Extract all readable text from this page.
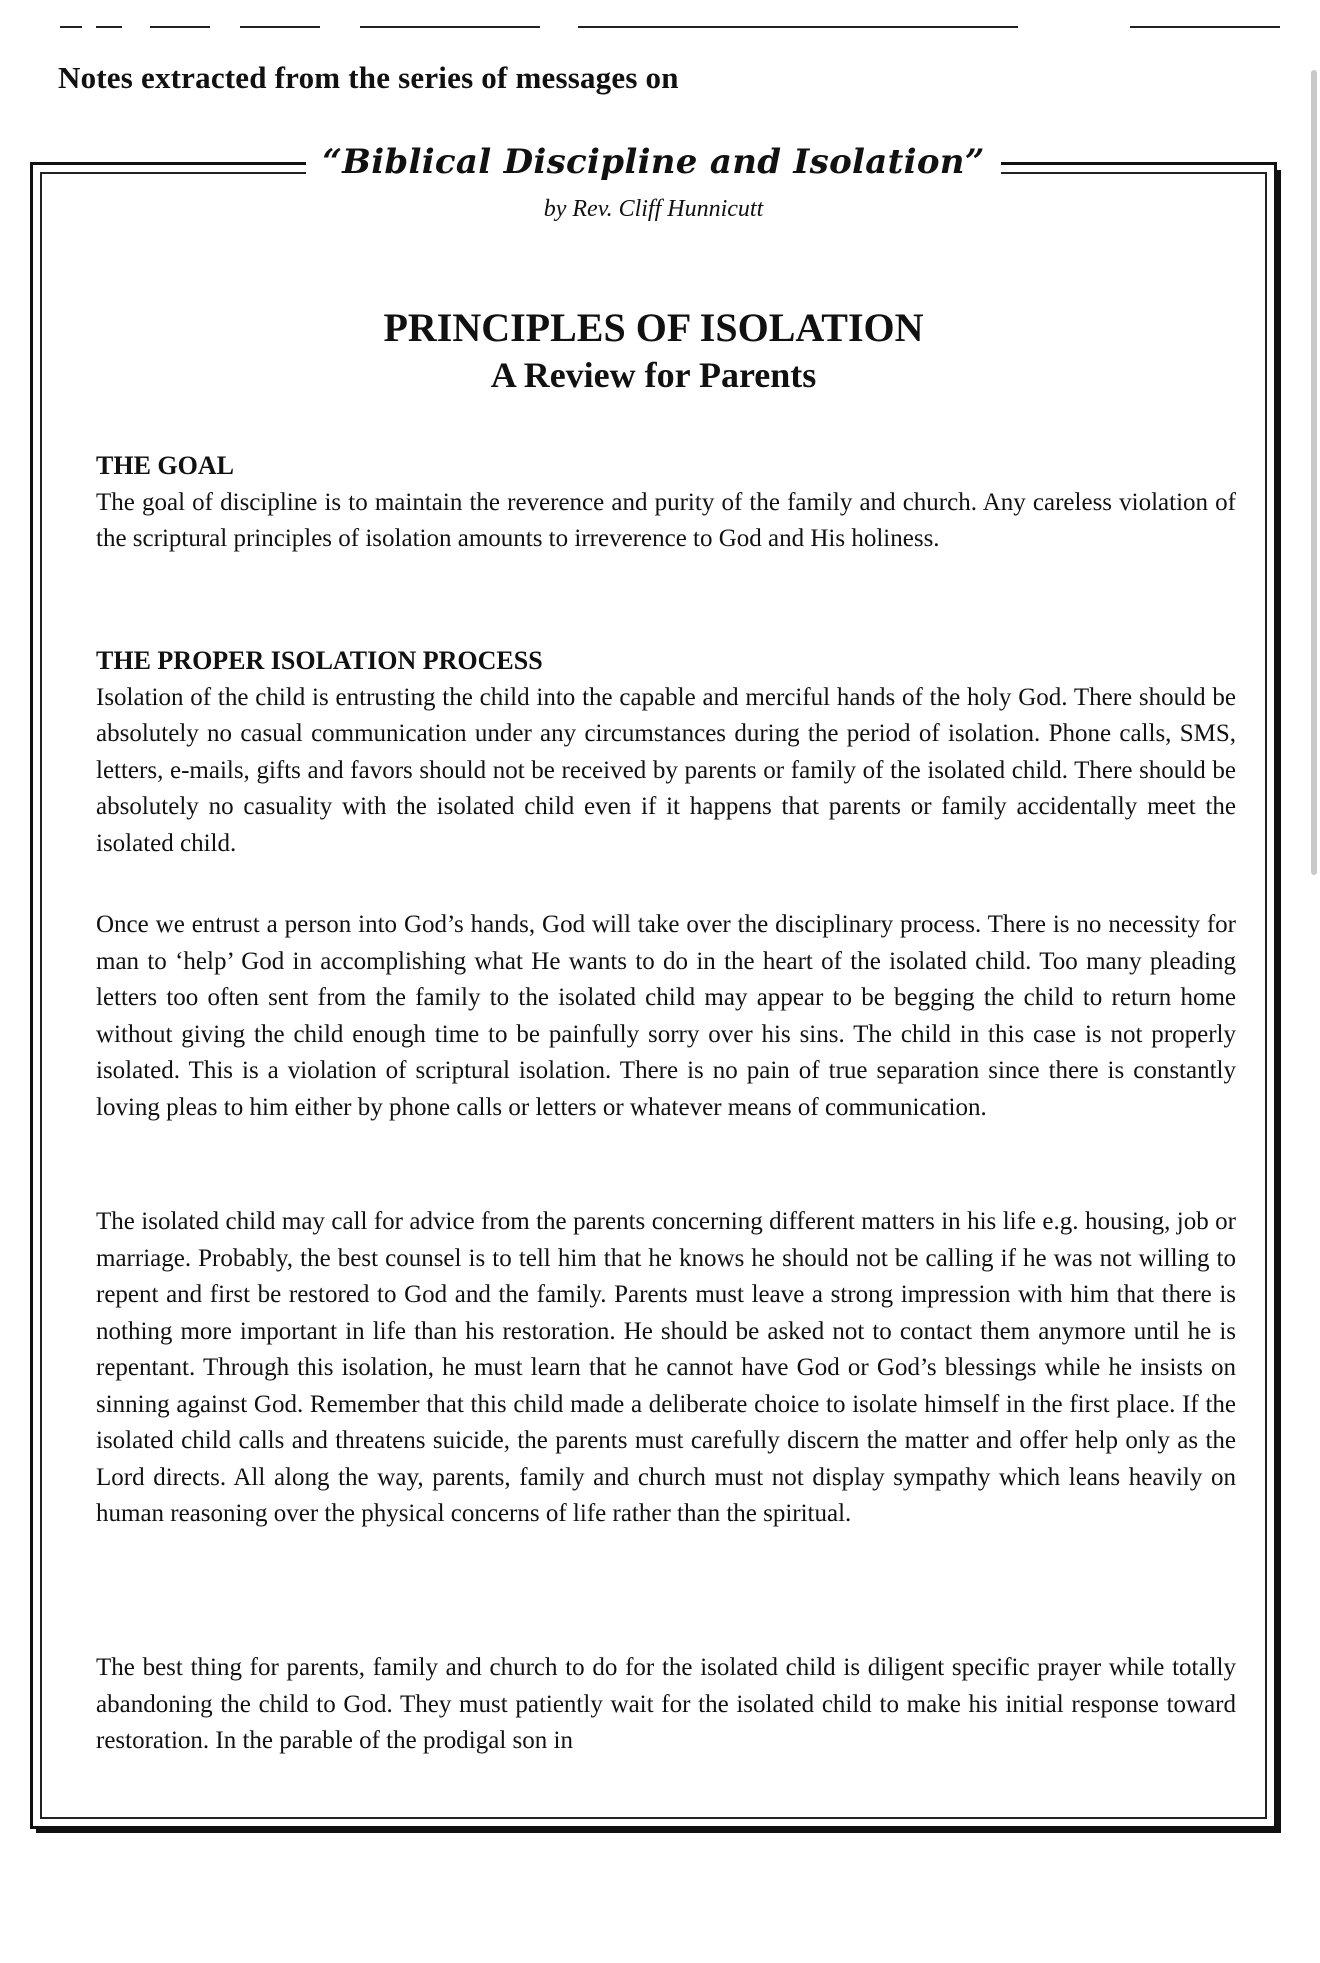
Notes extracted from the series of messages on
“Biblical Discipline and Isolation”
by Rev. Cliff Hunnicutt
PRINCIPLES OF ISOLATION
A Review for Parents
THE GOAL
The goal of discipline is to maintain the reverence and purity of the family and church. Any careless violation of the scriptural principles of isolation amounts to irreverence to God and His holiness.
THE PROPER ISOLATION PROCESS
Isolation of the child is entrusting the child into the capable and merciful hands of the holy God. There should be absolutely no casual communication under any circumstances during the period of isolation. Phone calls, SMS, letters, e-mails, gifts and favors should not be received by parents or family of the isolated child. There should be absolutely no casuality with the isolated child even if it happens that parents or family accidentally meet the isolated child.
Once we entrust a person into God’s hands, God will take over the disciplinary process. There is no necessity for man to ‘help’ God in accomplishing what He wants to do in the heart of the isolated child. Too many pleading letters too often sent from the family to the isolated child may appear to be begging the child to return home without giving the child enough time to be painfully sorry over his sins. The child in this case is not properly isolated. This is a violation of scriptural isolation. There is no pain of true separation since there is constantly loving pleas to him either by phone calls or letters or whatever means of communication.
The isolated child may call for advice from the parents concerning different matters in his life e.g. housing, job or marriage. Probably, the best counsel is to tell him that he knows he should not be calling if he was not willing to repent and first be restored to God and the family. Parents must leave a strong impression with him that there is nothing more important in life than his restoration. He should be asked not to contact them anymore until he is repentant. Through this isolation, he must learn that he cannot have God or God’s blessings while he insists on sinning against God. Remember that this child made a deliberate choice to isolate himself in the first place. If the isolated child calls and threatens suicide, the parents must carefully discern the matter and offer help only as the Lord directs. All along the way, parents, family and church must not display sympathy which leans heavily on human reasoning over the physical concerns of life rather than the spiritual.
The best thing for parents, family and church to do for the isolated child is diligent specific prayer while totally abandoning the child to God. They must patiently wait for the isolated child to make his initial response toward restoration. In the parable of the prodigal son in
